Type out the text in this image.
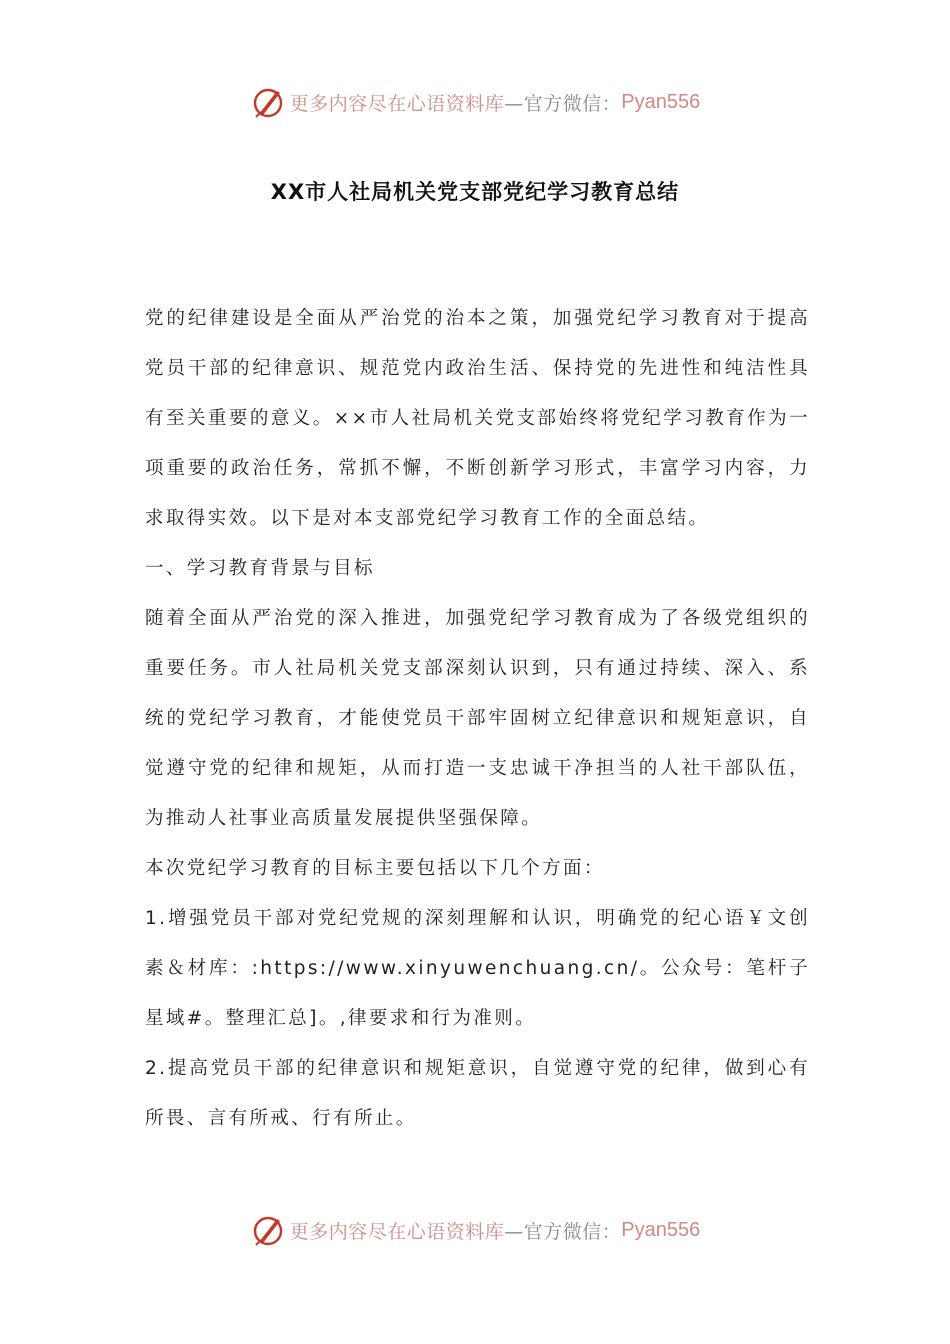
更多内容尽在心语资料库 —官方微信： Pyan556
XX市人社局机关党支部党纪学习教育总结

党的纪律建设是全面从严治党的治本之策，加强党纪学习教育对于提高党员干部的纪律意识、规范党内政治生活、保持党的先进性和纯洁性具有至关重要的意义。××市人社局机关党支部始终将党纪学习教育作为一项重要的政治任务，常抓不懈，不断创新学习形式，丰富学习内容，力求取得实效。以下是对本支部党纪学习教育工作的全面总结。

一、学习教育背景与目标

随着全面从严治党的深入推进，加强党纪学习教育成为了各级党组织的重要任务。市人社局机关党支部深刻认识到，只有通过持续、深入、系统的党纪学习教育，才能使党员干部牢固树立纪律意识和规矩意识，自觉遵守党的纪律和规矩，从而打造一支忠诚干净担当的人社干部队伍，为推动人社事业高质量发展提供坚强保障。

本次党纪学习教育的目标主要包括以下几个方面：

1.增强党员干部对党纪党规的深刻理解和认识，明确党的纪心语￥文创素＆材库：:https://www.xinyuwenchuang.cn/。公众号：笔杆子星域#。整理汇总]。,律要求和行为准则。

2.提高党员干部的纪律意识和规矩意识，自觉遵守党的纪律，做到心有所畏、言有所戒、行有所止。

更多内容尽在心语资料库 —官方微信： Pyan556
